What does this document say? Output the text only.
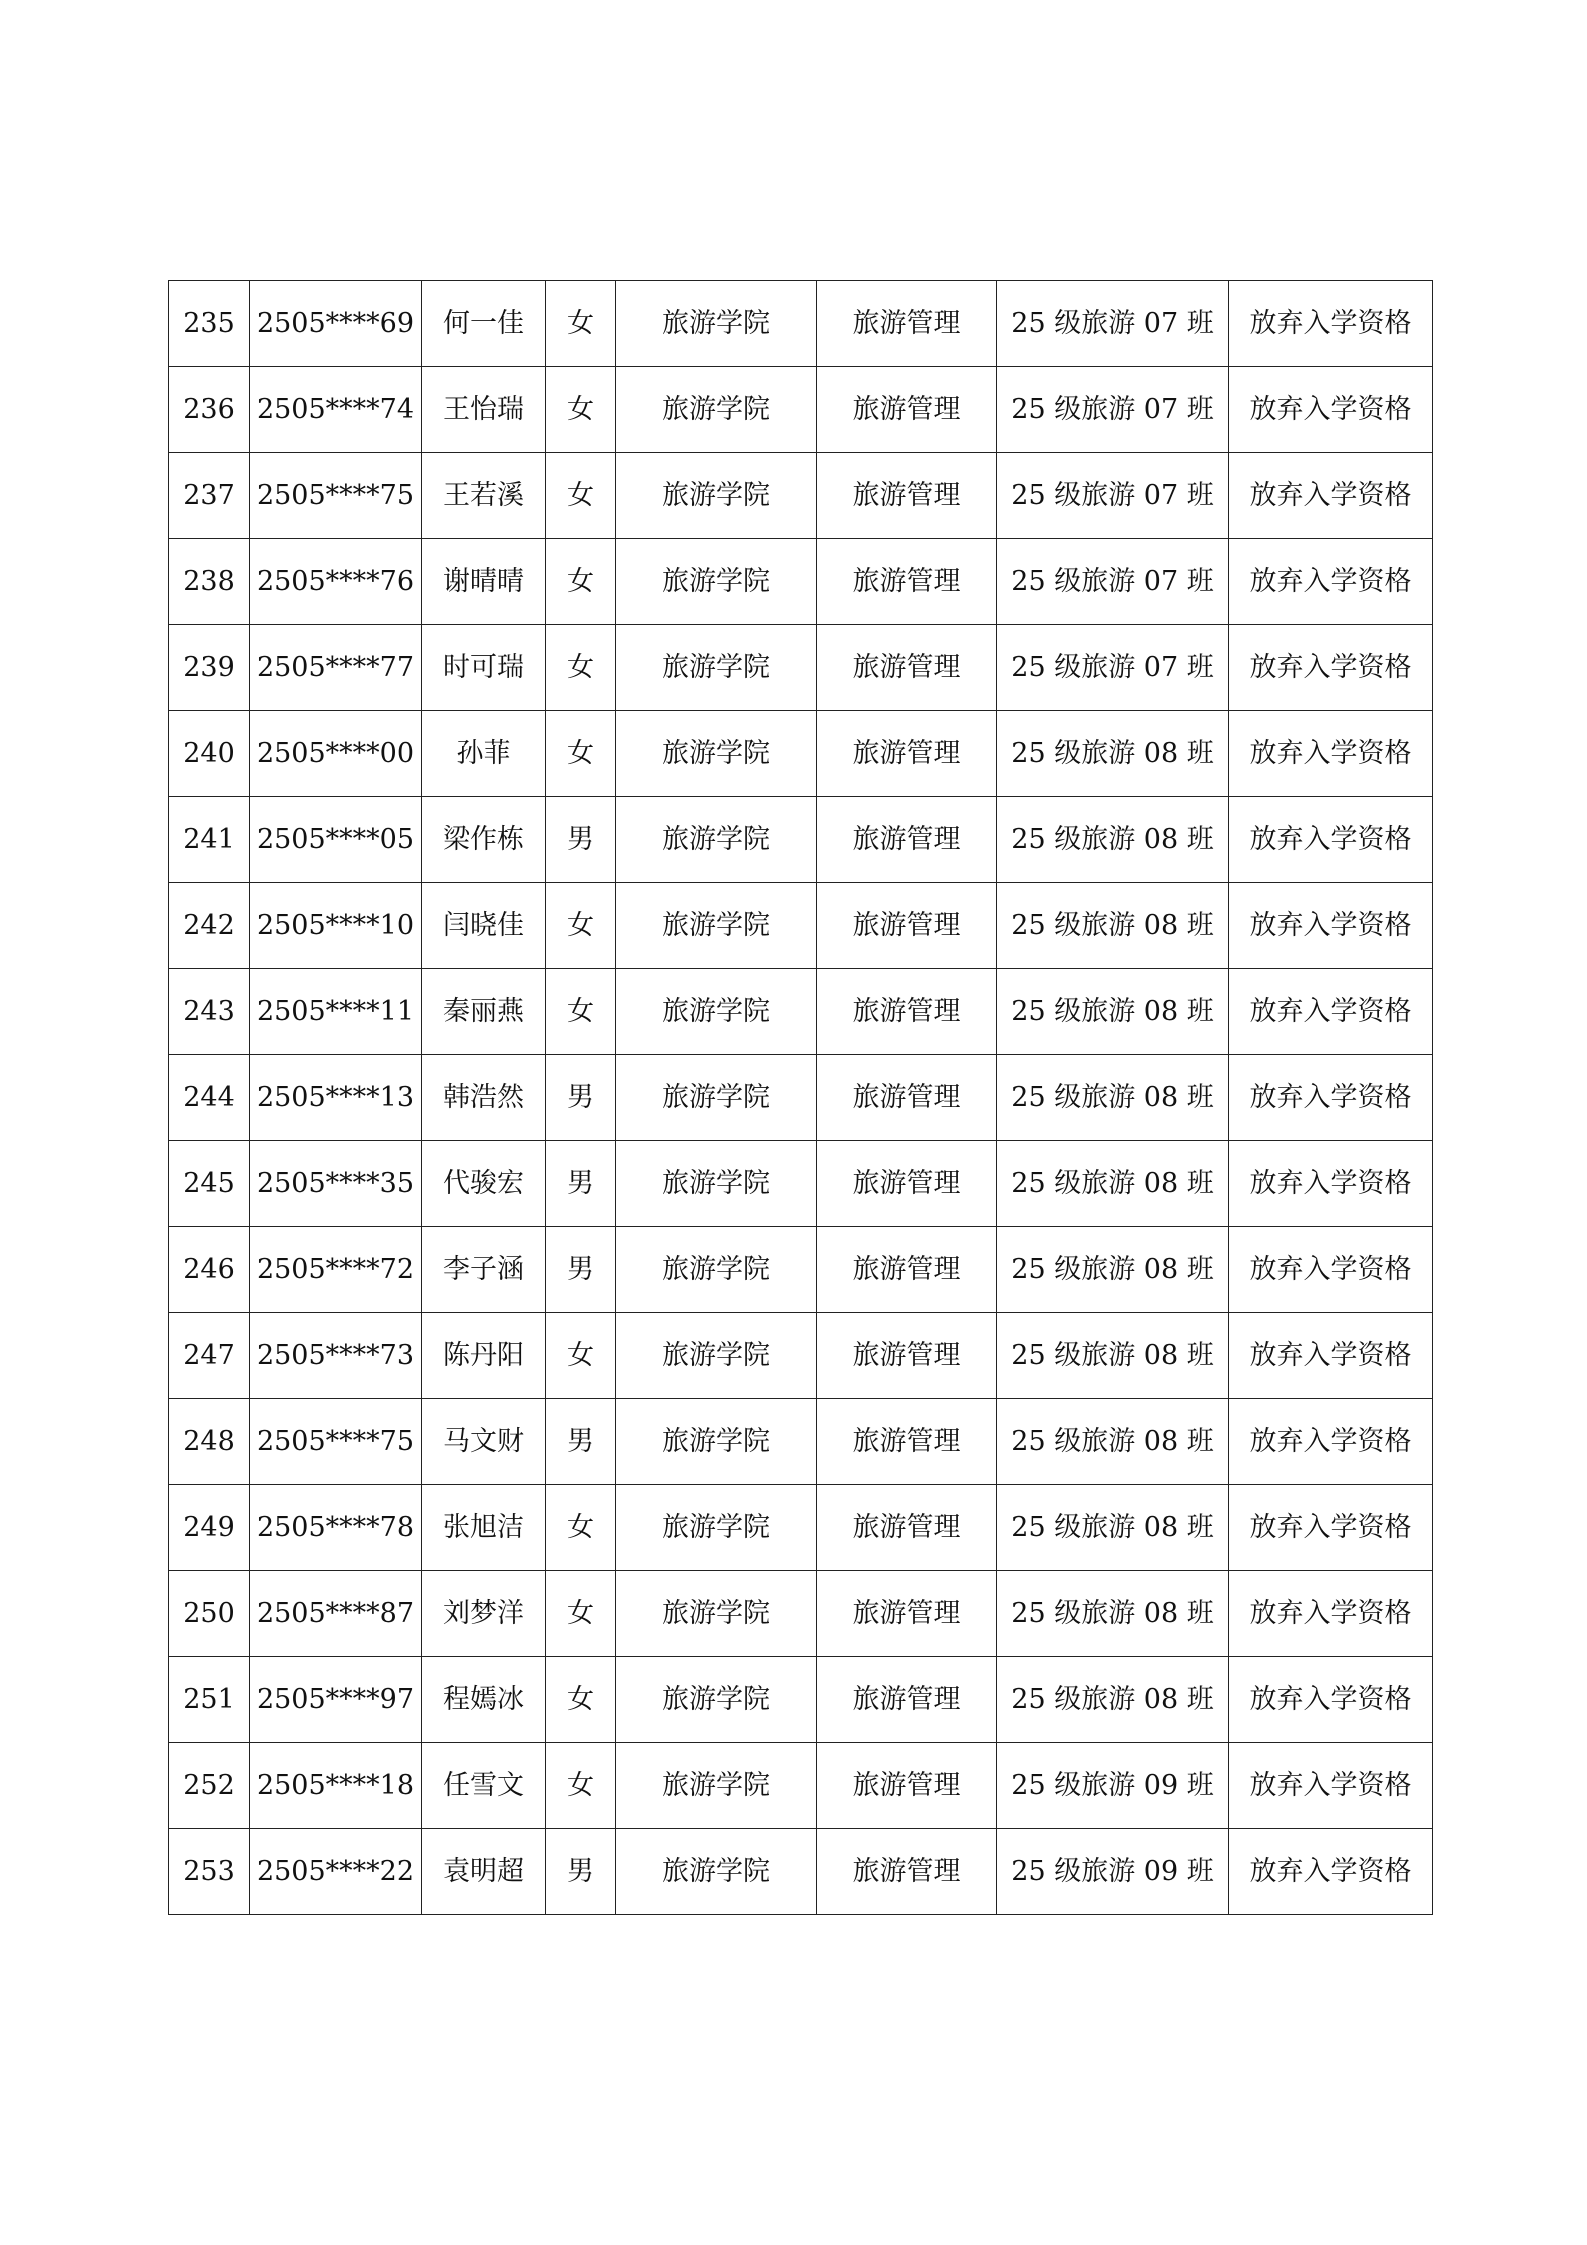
235	2505****69	何一佳	女	旅游学院	旅游管理	25 级旅游 07 班	放弃入学资格
236	2505****74	王怡瑞	女	旅游学院	旅游管理	25 级旅游 07 班	放弃入学资格
237	2505****75	王若溪	女	旅游学院	旅游管理	25 级旅游 07 班	放弃入学资格
238	2505****76	谢晴晴	女	旅游学院	旅游管理	25 级旅游 07 班	放弃入学资格
239	2505****77	时可瑞	女	旅游学院	旅游管理	25 级旅游 07 班	放弃入学资格
240	2505****00	孙菲	女	旅游学院	旅游管理	25 级旅游 08 班	放弃入学资格
241	2505****05	梁作栋	男	旅游学院	旅游管理	25 级旅游 08 班	放弃入学资格
242	2505****10	闫晓佳	女	旅游学院	旅游管理	25 级旅游 08 班	放弃入学资格
243	2505****11	秦丽燕	女	旅游学院	旅游管理	25 级旅游 08 班	放弃入学资格
244	2505****13	韩浩然	男	旅游学院	旅游管理	25 级旅游 08 班	放弃入学资格
245	2505****35	代骏宏	男	旅游学院	旅游管理	25 级旅游 08 班	放弃入学资格
246	2505****72	李子涵	男	旅游学院	旅游管理	25 级旅游 08 班	放弃入学资格
247	2505****73	陈丹阳	女	旅游学院	旅游管理	25 级旅游 08 班	放弃入学资格
248	2505****75	马文财	男	旅游学院	旅游管理	25 级旅游 08 班	放弃入学资格
249	2505****78	张旭洁	女	旅游学院	旅游管理	25 级旅游 08 班	放弃入学资格
250	2505****87	刘梦洋	女	旅游学院	旅游管理	25 级旅游 08 班	放弃入学资格
251	2505****97	程嫣冰	女	旅游学院	旅游管理	25 级旅游 08 班	放弃入学资格
252	2505****18	任雪文	女	旅游学院	旅游管理	25 级旅游 09 班	放弃入学资格
253	2505****22	袁明超	男	旅游学院	旅游管理	25 级旅游 09 班	放弃入学资格
